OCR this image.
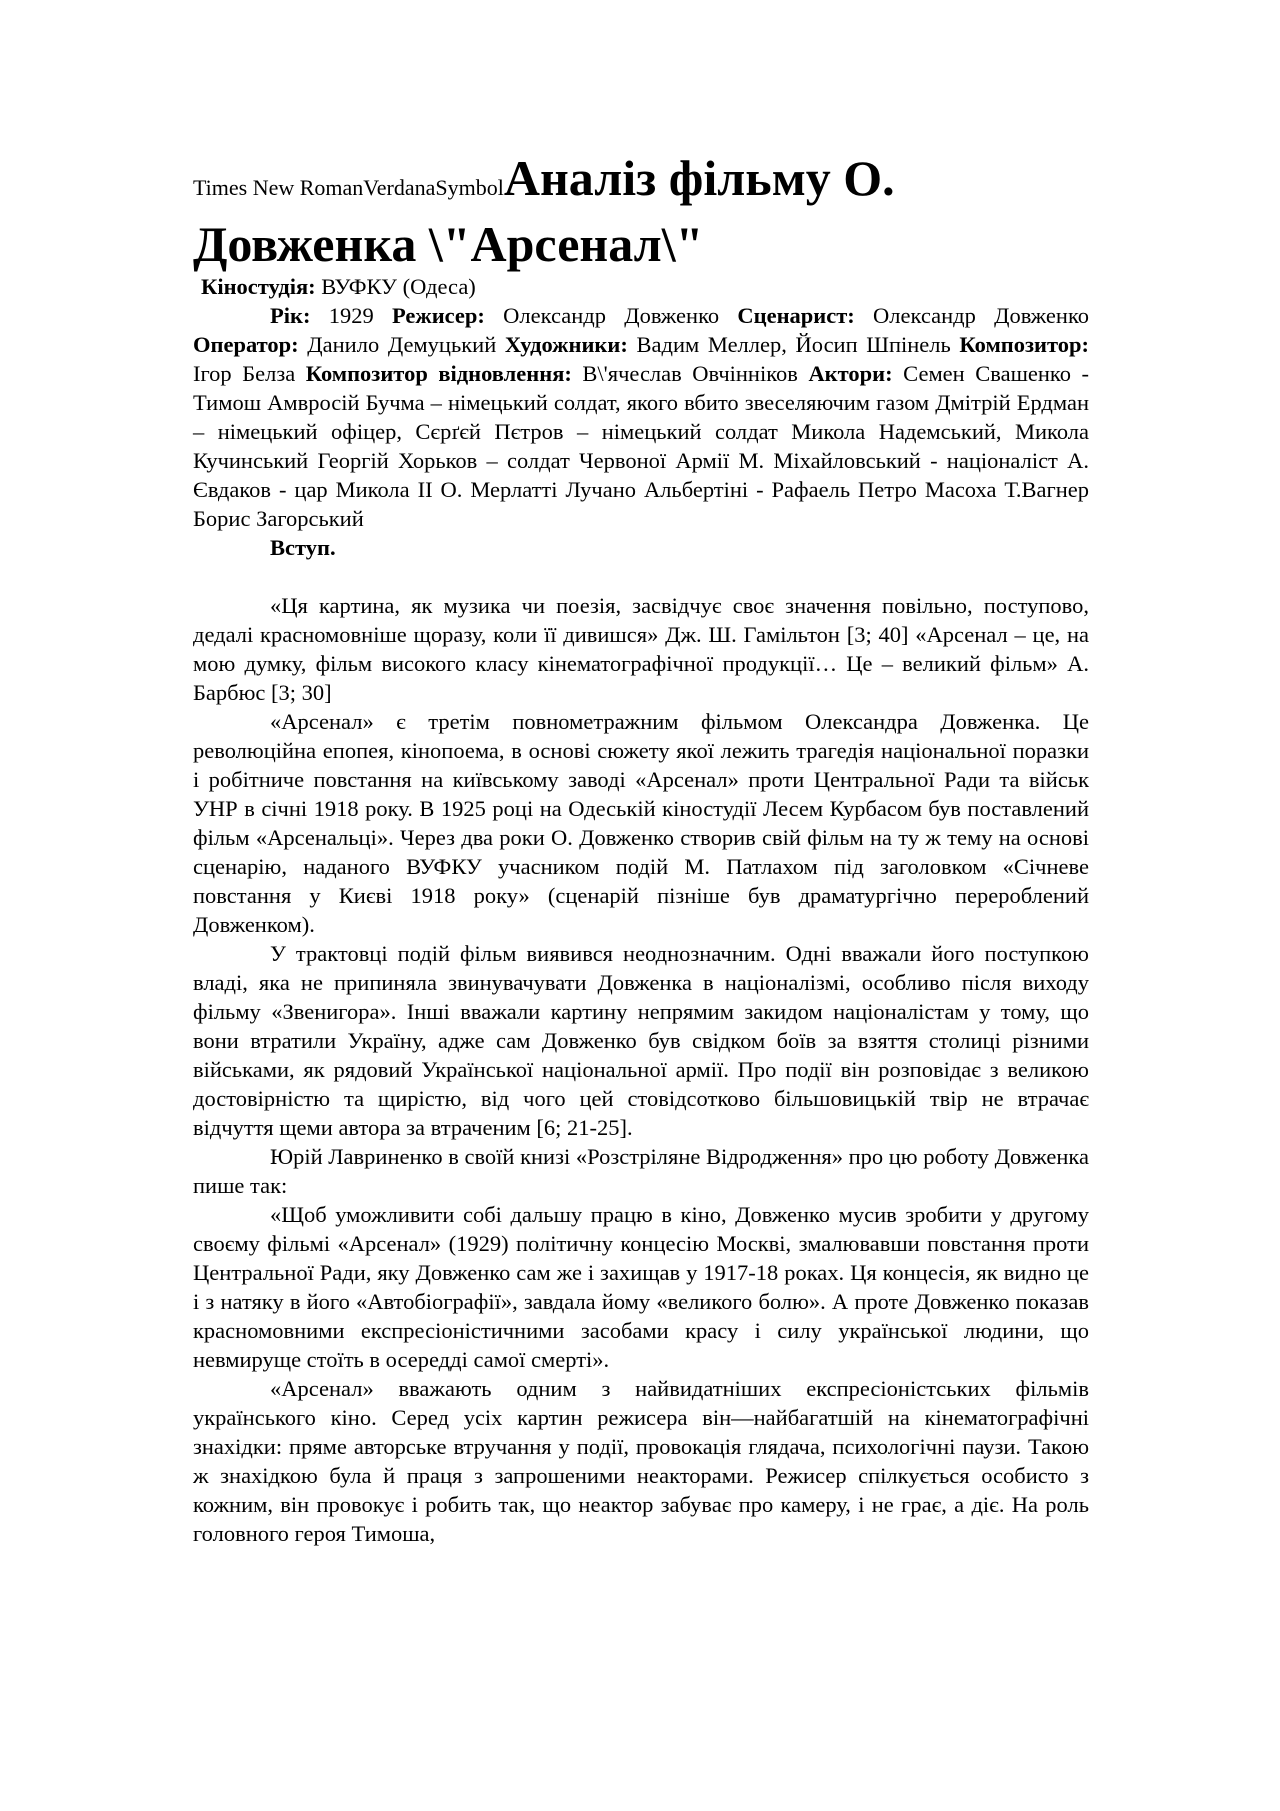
Times New RomanVerdanaSymbolАналіз фільму О.
Довженка \"Арсенал\"

Кіностудія: ВУФКУ (Одеса)

Рік: 1929 Режисер: Олександр Довженко Сценарист: Олександр Довженко Оператор: Данило Демуцький Художники: Вадим Меллер, Йосип Шпінель Композитор: Ігор Белза Композитор відновлення: В\'ячеслав Овчінніков Актори: Семен Свашенко - Тимош Амвросій Бучма – німецький солдат, якого вбито звеселяючим газом Дмітрій Ердман – німецький офіцер, Сєрґєй Пєтров – німецький солдат Микола Надемський, Микола Кучинський Георгій Хорьков – солдат Червоної Армії М. Міхайловський - націоналіст А. Євдаков - цар Микола ІІ О. Мерлатті Лучано Альбертіні - Рафаель Петро Масоха Т.Вагнер Борис Загорський

Вступ.

«Ця картина, як музика чи поезія, засвідчує своє значення повільно, поступово, дедалі красномовніше щоразу, коли її дивишся» Дж. Ш. Гамільтон [3; 40] «Арсенал – це, на мою думку, фільм високого класу кінематографічної продукції… Це – великий фільм» А. Барбюс [3; 30]

«Арсенал» є третім повнометражним фільмом Олександра Довженка. Це революційна епопея, кінопоема, в основі сюжету якої лежить трагедія національної поразки і робітниче повстання на київському заводі «Арсенал» проти Центральної Ради та військ УНР в січні 1918 року. В 1925 році на Одеській кіностудії Лесем Курбасом був поставлений фільм «Арсенальці». Через два роки О. Довженко створив свій фільм на ту ж тему на основі сценарію, наданого ВУФКУ учасником подій М. Патлахом під заголовком «Січневе повстання у Києві 1918 року» (сценарій пізніше був драматургічно перероблений Довженком).

У трактовці подій фільм виявився неоднозначним. Одні вважали його поступкою владі, яка не припиняла звинувачувати Довженка в націоналізмі, особливо після виходу фільму «Звенигора». Інші вважали картину непрямим закидом націоналістам у тому, що вони втратили Україну, адже сам Довженко був свідком боїв за взяття столиці різними військами, як рядовий Української національної армії. Про події він розповідає з великою достовірністю та щирістю, від чого цей стовідсотково більшовицькій твір не втрачає відчуття щеми автора за втраченим [6; 21-25].

Юрій Лавриненко в своїй книзі «Розстріляне Відродження» про цю роботу Довженка пише так:

«Щоб уможливити собі дальшу працю в кіно, Довженко мусив зробити у другому своєму фільмі «Арсенал» (1929) політичну концесію Москві, змалювавши повстання проти Центральної Ради, яку Довженко сам же і захищав у 1917-18 роках. Ця концесія, як видно це і з натяку в його «Автобіографії», завдала йому «великого болю». А проте Довженко показав красномовними експресіоністичними засобами красу і силу української людини, що невмируще стоїть в осередді самої смерті».

«Арсенал» вважають одним з найвидатніших експресіоністських фільмів українського кіно. Серед усіх картин режисера він—найбагатшій на кінематографічні знахідки: пряме авторське втручання у події, провокація глядача, психологічні паузи. Такою ж знахідкою була й праця з запрошеними неакторами. Режисер спілкується особисто з кожним, він провокує і робить так, що неактор забуває про камеру, і не грає, а діє. На роль головного героя Тимоша,
